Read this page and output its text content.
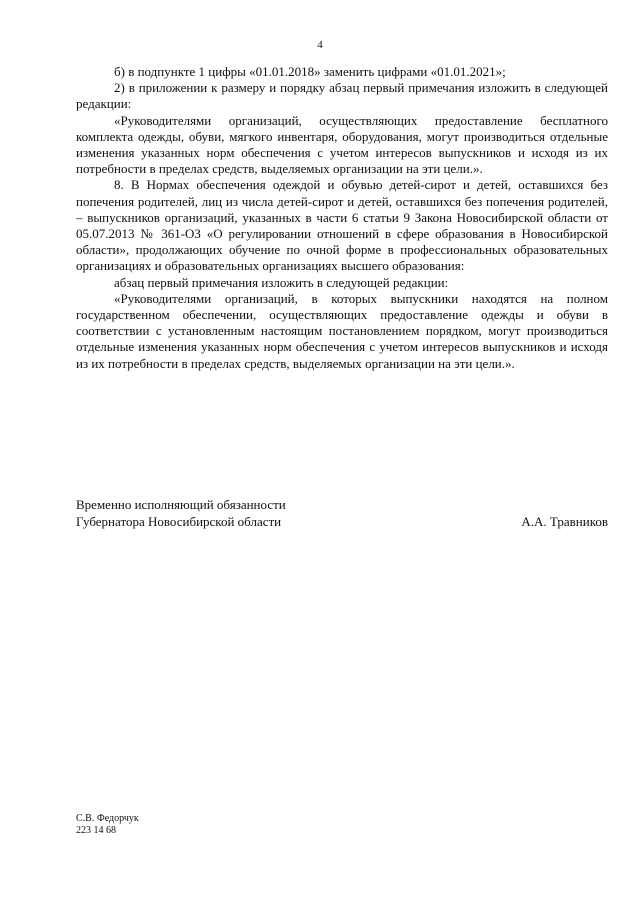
4

б) в подпункте 1 цифры «01.01.2018» заменить цифрами «01.01.2021»;

2) в приложении к размеру и порядку абзац первый примечания изложить в следующей редакции:

«Руководителями организаций, осуществляющих предоставление бесплатного комплекта одежды, обуви, мягкого инвентаря, оборудования, могут производиться отдельные изменения указанных норм обеспечения с учетом интересов выпускников и исходя из их потребности в пределах средств, выделяемых организации на эти цели.».

8. В Нормах обеспечения одеждой и обувью детей-сирот и детей, оставшихся без попечения родителей, лиц из числа детей-сирот и детей, оставшихся без попечения родителей, – выпускников организаций, указанных в части 6 статьи 9 Закона Новосибирской области от 05.07.2013 № 361-ОЗ «О регулировании отношений в сфере образования в Новосибирской области», продолжающих обучение по очной форме в профессиональных образовательных организациях и образовательных организациях высшего образования:

абзац первый примечания изложить в следующей редакции:

«Руководителями организаций, в которых выпускники находятся на полном государственном обеспечении, осуществляющих предоставление одежды и обуви в соответствии с установленным настоящим постановлением порядком, могут производиться отдельные изменения указанных норм обеспечения с учетом интересов выпускников и исходя из их потребности в пределах средств, выделяемых организации на эти цели.».

Временно исполняющий обязанности
Губернатора Новосибирской области	А.А. Травников
С.В. Федорчук
223 14 68
